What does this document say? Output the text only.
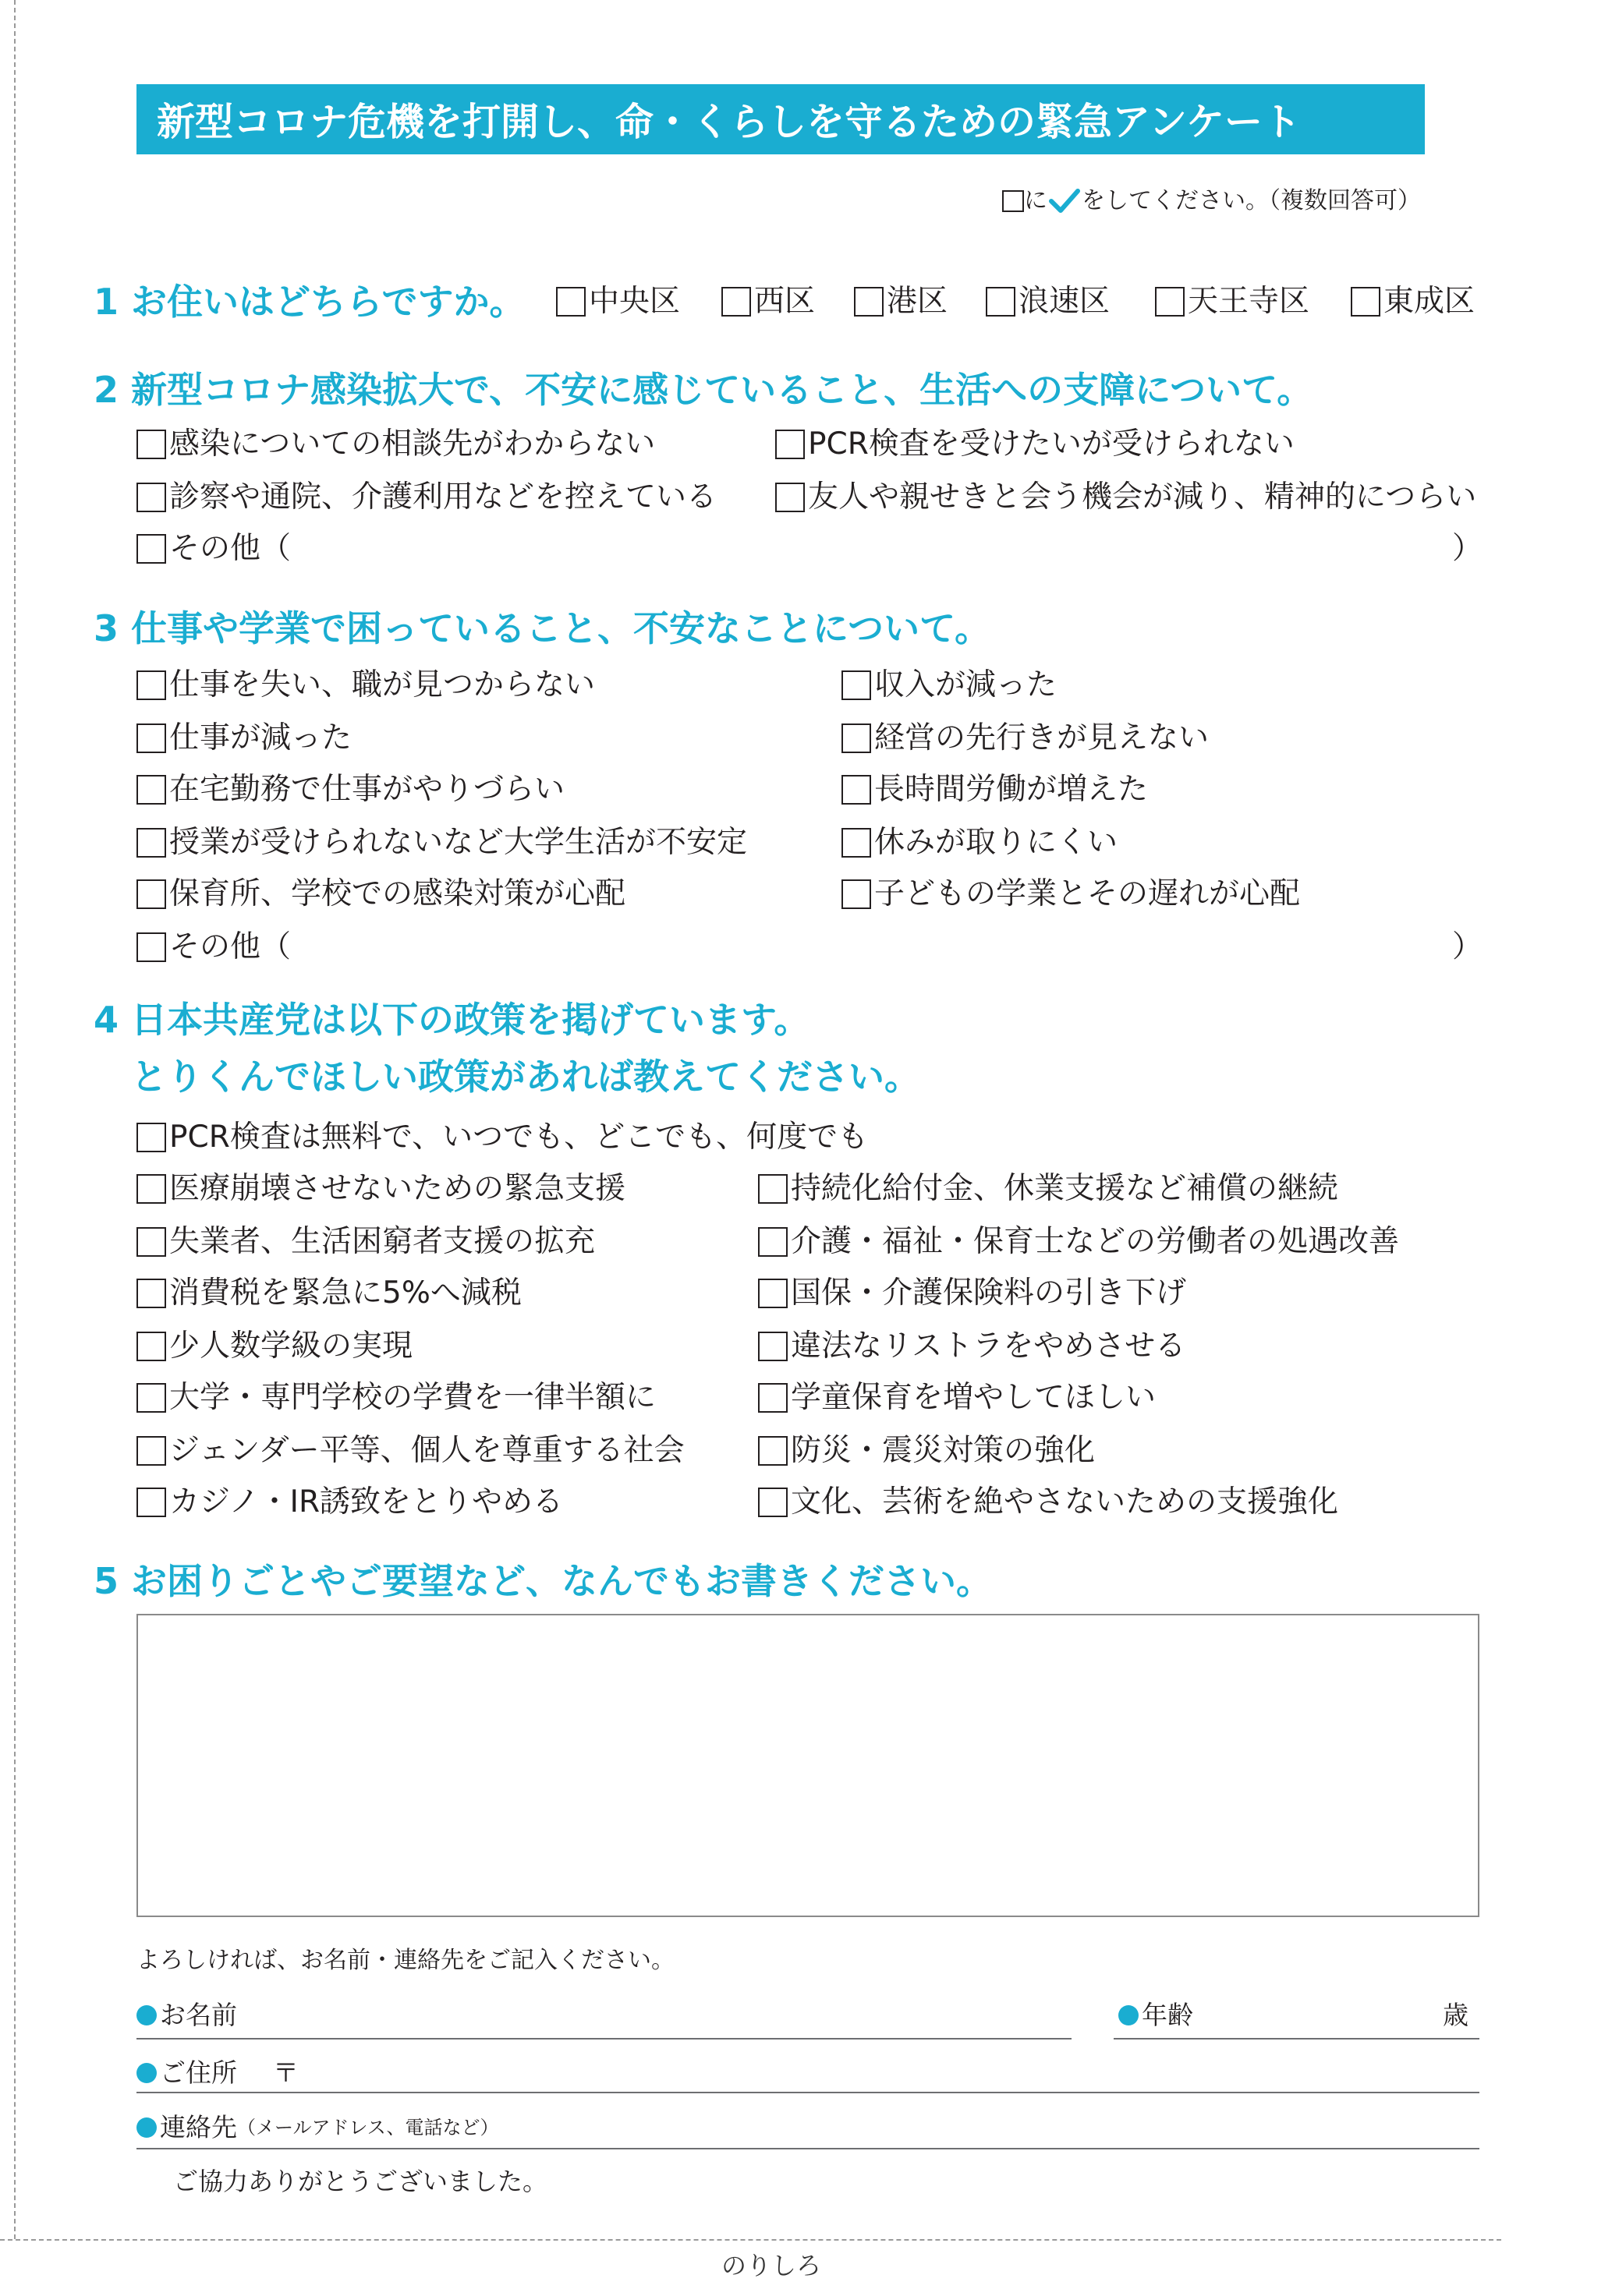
新型コロナ危機を打開し、命・くらしを守るための緊急アンケート
に をしてください。（複数回答可）
1 お住いはどちらですか。 中央区 西区 港区 浪速区	天王寺区 東成区
2 新型コロナ感染拡大で、不安に感じていること、生活への支障について。
感染についての相談先がわからない	PCR検査を受けたいが受けられない
診察や通院、介護利用などを控えている	友人や親せきと会う機会が減り、精神的につらい
その他（	）
3 仕事や学業で困っていること、不安なことについて。
仕事を失い、職が見つからない	収入が減った
仕事が減った	経営の先行きが見えない
在宅勤務で仕事がやりづらい	長時間労働が増えた
授業が受けられないなど大学生活が不安定	休みが取りにくい
保育所、学校での感染対策が心配	子どもの学業とその遅れが心配
その他（	）
4 日本共産党は以下の政策を掲げています。
とりくんでほしい政策があれば教えてください。
PCR検査は無料で、いつでも、どこでも、何度でも
医療崩壊させないための緊急支援	持続化給付金、休業支援など補償の継続
失業者、生活困窮者支援の拡充	介護・福祉・保育士などの労働者の処遇改善
消費税を緊急に5%へ減税	国保・介護保険料の引き下げ
少人数学級の実現	違法なリストラをやめさせる
大学・専門学校の学費を一律半額に	学童保育を増やしてほしい
ジェンダー平等、個人を尊重する社会	防災・震災対策の強化
カジノ・IR誘致をとりやめる	文化、芸術を絶やさないための支援強化
5 お困りごとやご要望など、なんでもお書きください。
よろしければ、お名前・連絡先をご記入ください。
お名前	年齢	歳
ご住所 〒
連絡先 （メールアドレス、電話など）
ご協力ありがとうございました。
のりしろ
